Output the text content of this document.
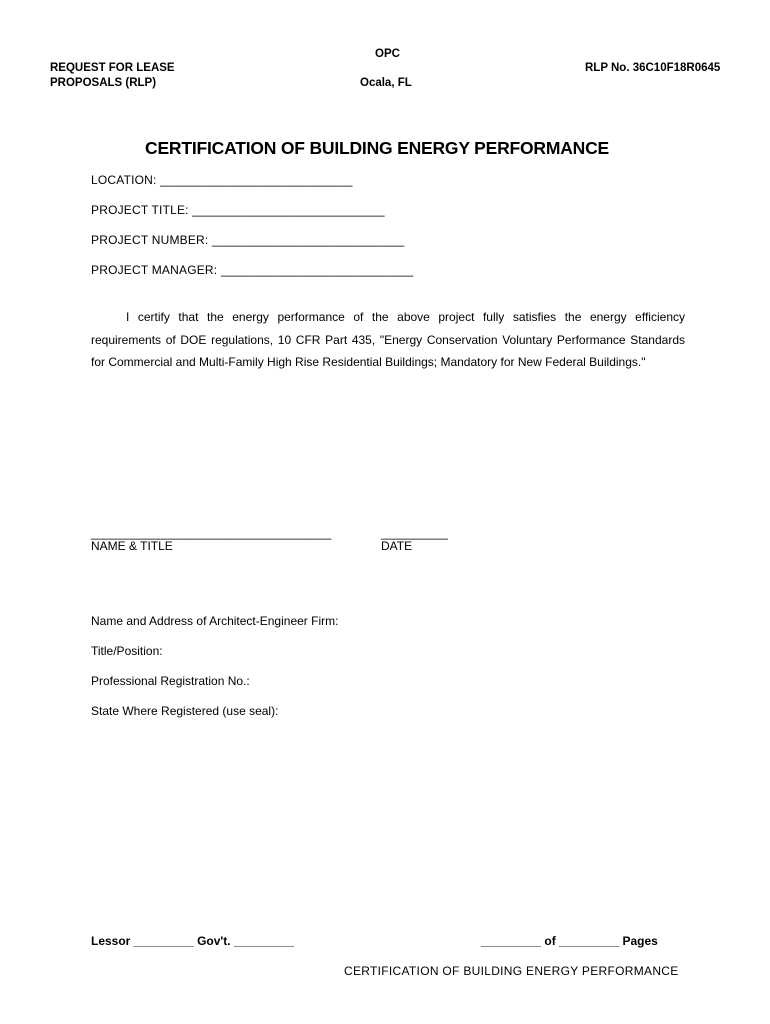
REQUEST FOR LEASE
PROPOSALS (RLP)
OPC
Ocala, FL
RLP No. 36C10F18R0645
CERTIFICATION OF BUILDING ENERGY PERFORMANCE
LOCATION: ____________________________
PROJECT TITLE: ____________________________
PROJECT NUMBER: ____________________________
PROJECT MANAGER: ____________________________
I certify that the energy performance of the above project fully satisfies the energy efficiency requirements of DOE regulations, 10 CFR Part 435, "Energy Conservation Voluntary Performance Standards for Commercial and Multi-Family High Rise Residential Buildings; Mandatory for New Federal Buildings."
____________________________________	__________
NAME & TITLE	DATE
Name and Address of Architect-Engineer Firm:
Title/Position:
Professional Registration No.:
State Where Registered (use seal):
Lessor _________ Gov't. _________	_________ of _________ Pages
CERTIFICATION OF BUILDING ENERGY PERFORMANCE
